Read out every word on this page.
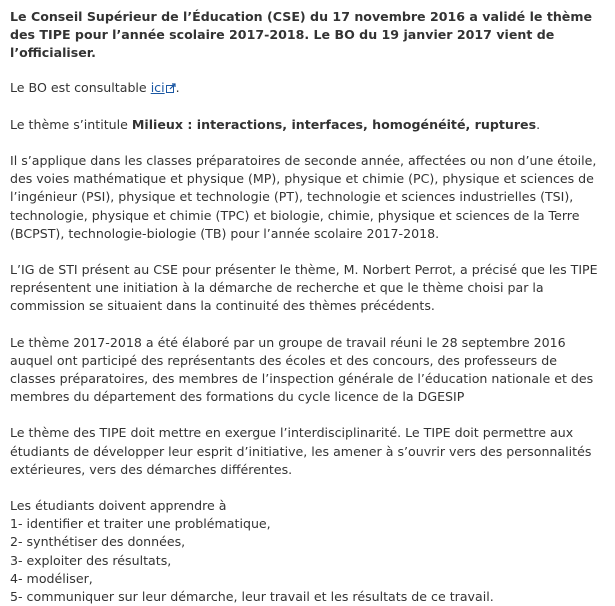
Le Conseil Supérieur de l’Éducation (CSE) du 17 novembre 2016 a validé le thème des TIPE pour l’année scolaire 2017-2018. Le BO du 19 janvier 2017 vient de l’officialiser.

Le BO est consultable ici .

Le thème s’intitule Milieux : interactions, interfaces, homogénéité, ruptures.

Il s’applique dans les classes préparatoires de seconde année, affectées ou non d’une étoile, des voies mathématique et physique (MP), physique et chimie (PC), physique et sciences de l’ingénieur (PSI), physique et technologie (PT), technologie et sciences industrielles (TSI), technologie, physique et chimie (TPC) et biologie, chimie, physique et sciences de la Terre (BCPST), technologie-biologie (TB) pour l’année scolaire 2017-2018.

L’IG de STI présent au CSE pour présenter le thème, M. Norbert Perrot, a précisé que les TIPE représentent une initiation à la démarche de recherche et que le thème choisi par la commission se situaient dans la continuité des thèmes précédents.

Le thème 2017-2018 a été élaboré par un groupe de travail réuni le 28 septembre 2016 auquel ont participé des représentants des écoles et des concours, des professeurs de classes préparatoires, des membres de l’inspection générale de l’éducation nationale et des membres du département des formations du cycle licence de la DGESIP

Le thème des TIPE doit mettre en exergue l’interdisciplinarité. Le TIPE doit permettre aux étudiants de développer leur esprit d’initiative, les amener à s’ouvrir vers des personnalités extérieures, vers des démarches différentes.

Les étudiants doivent apprendre à
1- identifier et traiter une problématique,
2- synthétiser des données,
3- exploiter des résultats,
4- modéliser,
5- communiquer sur leur démarche, leur travail et les résultats de ce travail.
